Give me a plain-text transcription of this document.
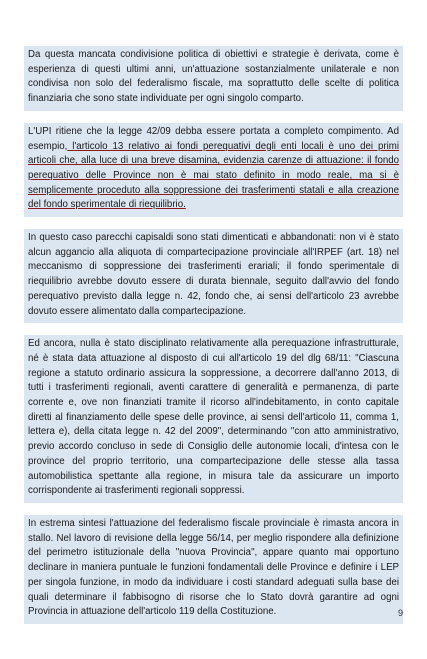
Da questa mancata condivisione politica di obiettivi e strategie è derivata, come è esperienza di questi ultimi anni, un'attuazione sostanzialmente unilaterale e non condivisa non solo del federalismo fiscale, ma soprattutto delle scelte di politica finanziaria che sono state individuate per ogni singolo comparto.
L'UPI ritiene che la legge 42/09 debba essere portata a completo compimento. Ad esempio, l'articolo 13 relativo ai fondi perequativi degli enti locali è uno dei primi articoli che, alla luce di una breve disamina, evidenzia carenze di attuazione: il fondo perequativo delle Province non è mai stato definito in modo reale, ma si è semplicemente proceduto alla soppressione dei trasferimenti statali e alla creazione del fondo sperimentale di riequilibrio.
In questo caso parecchi capisaldi sono stati dimenticati e abbandonati: non vi è stato alcun aggancio alla aliquota di compartecipazione provinciale all'IRPEF (art. 18) nel meccanismo di soppressione dei trasferimenti erariali; il fondo sperimentale di riequilibrio avrebbe dovuto essere di durata biennale, seguito dall'avvio del fondo perequativo previsto dalla legge n. 42, fondo che, ai sensi dell'articolo 23 avrebbe dovuto essere alimentato dalla compartecipazione.
Ed ancora, nulla è stato disciplinato relativamente alla perequazione infrastrutturale, né è stata data attuazione al disposto di cui all'articolo 19 del dlg 68/11: "Ciascuna regione a statuto ordinario assicura la soppressione, a decorrere dall'anno 2013, di tutti i trasferimenti regionali, aventi carattere di generalità e permanenza, di parte corrente e, ove non finanziati tramite il ricorso all'indebitamento, in conto capitale diretti al finanziamento delle spese delle province, ai sensi dell'articolo 11, comma 1, lettera e), della citata legge n. 42 del 2009", determinando "con atto amministrativo, previo accordo concluso in sede di Consiglio delle autonomie locali, d'intesa con le province del proprio territorio, una compartecipazione delle stesse alla tassa automobilistica spettante alla regione, in misura tale da assicurare un importo corrispondente ai trasferimenti regionali soppressi.
In estrema sintesi l'attuazione del federalismo fiscale provinciale è rimasta ancora in stallo. Nel lavoro di revisione della legge 56/14, per meglio rispondere alla definizione del perimetro istituzionale della "nuova Provincia", appare quanto mai opportuno declinare in maniera puntuale le funzioni fondamentali delle Province e definire i LEP per singola funzione, in modo da individuare i costi standard adeguati sulla base dei quali determinare il fabbisogno di risorse che lo Stato dovrà garantire ad ogni Provincia in attuazione dell'articolo 119 della Costituzione.	9
